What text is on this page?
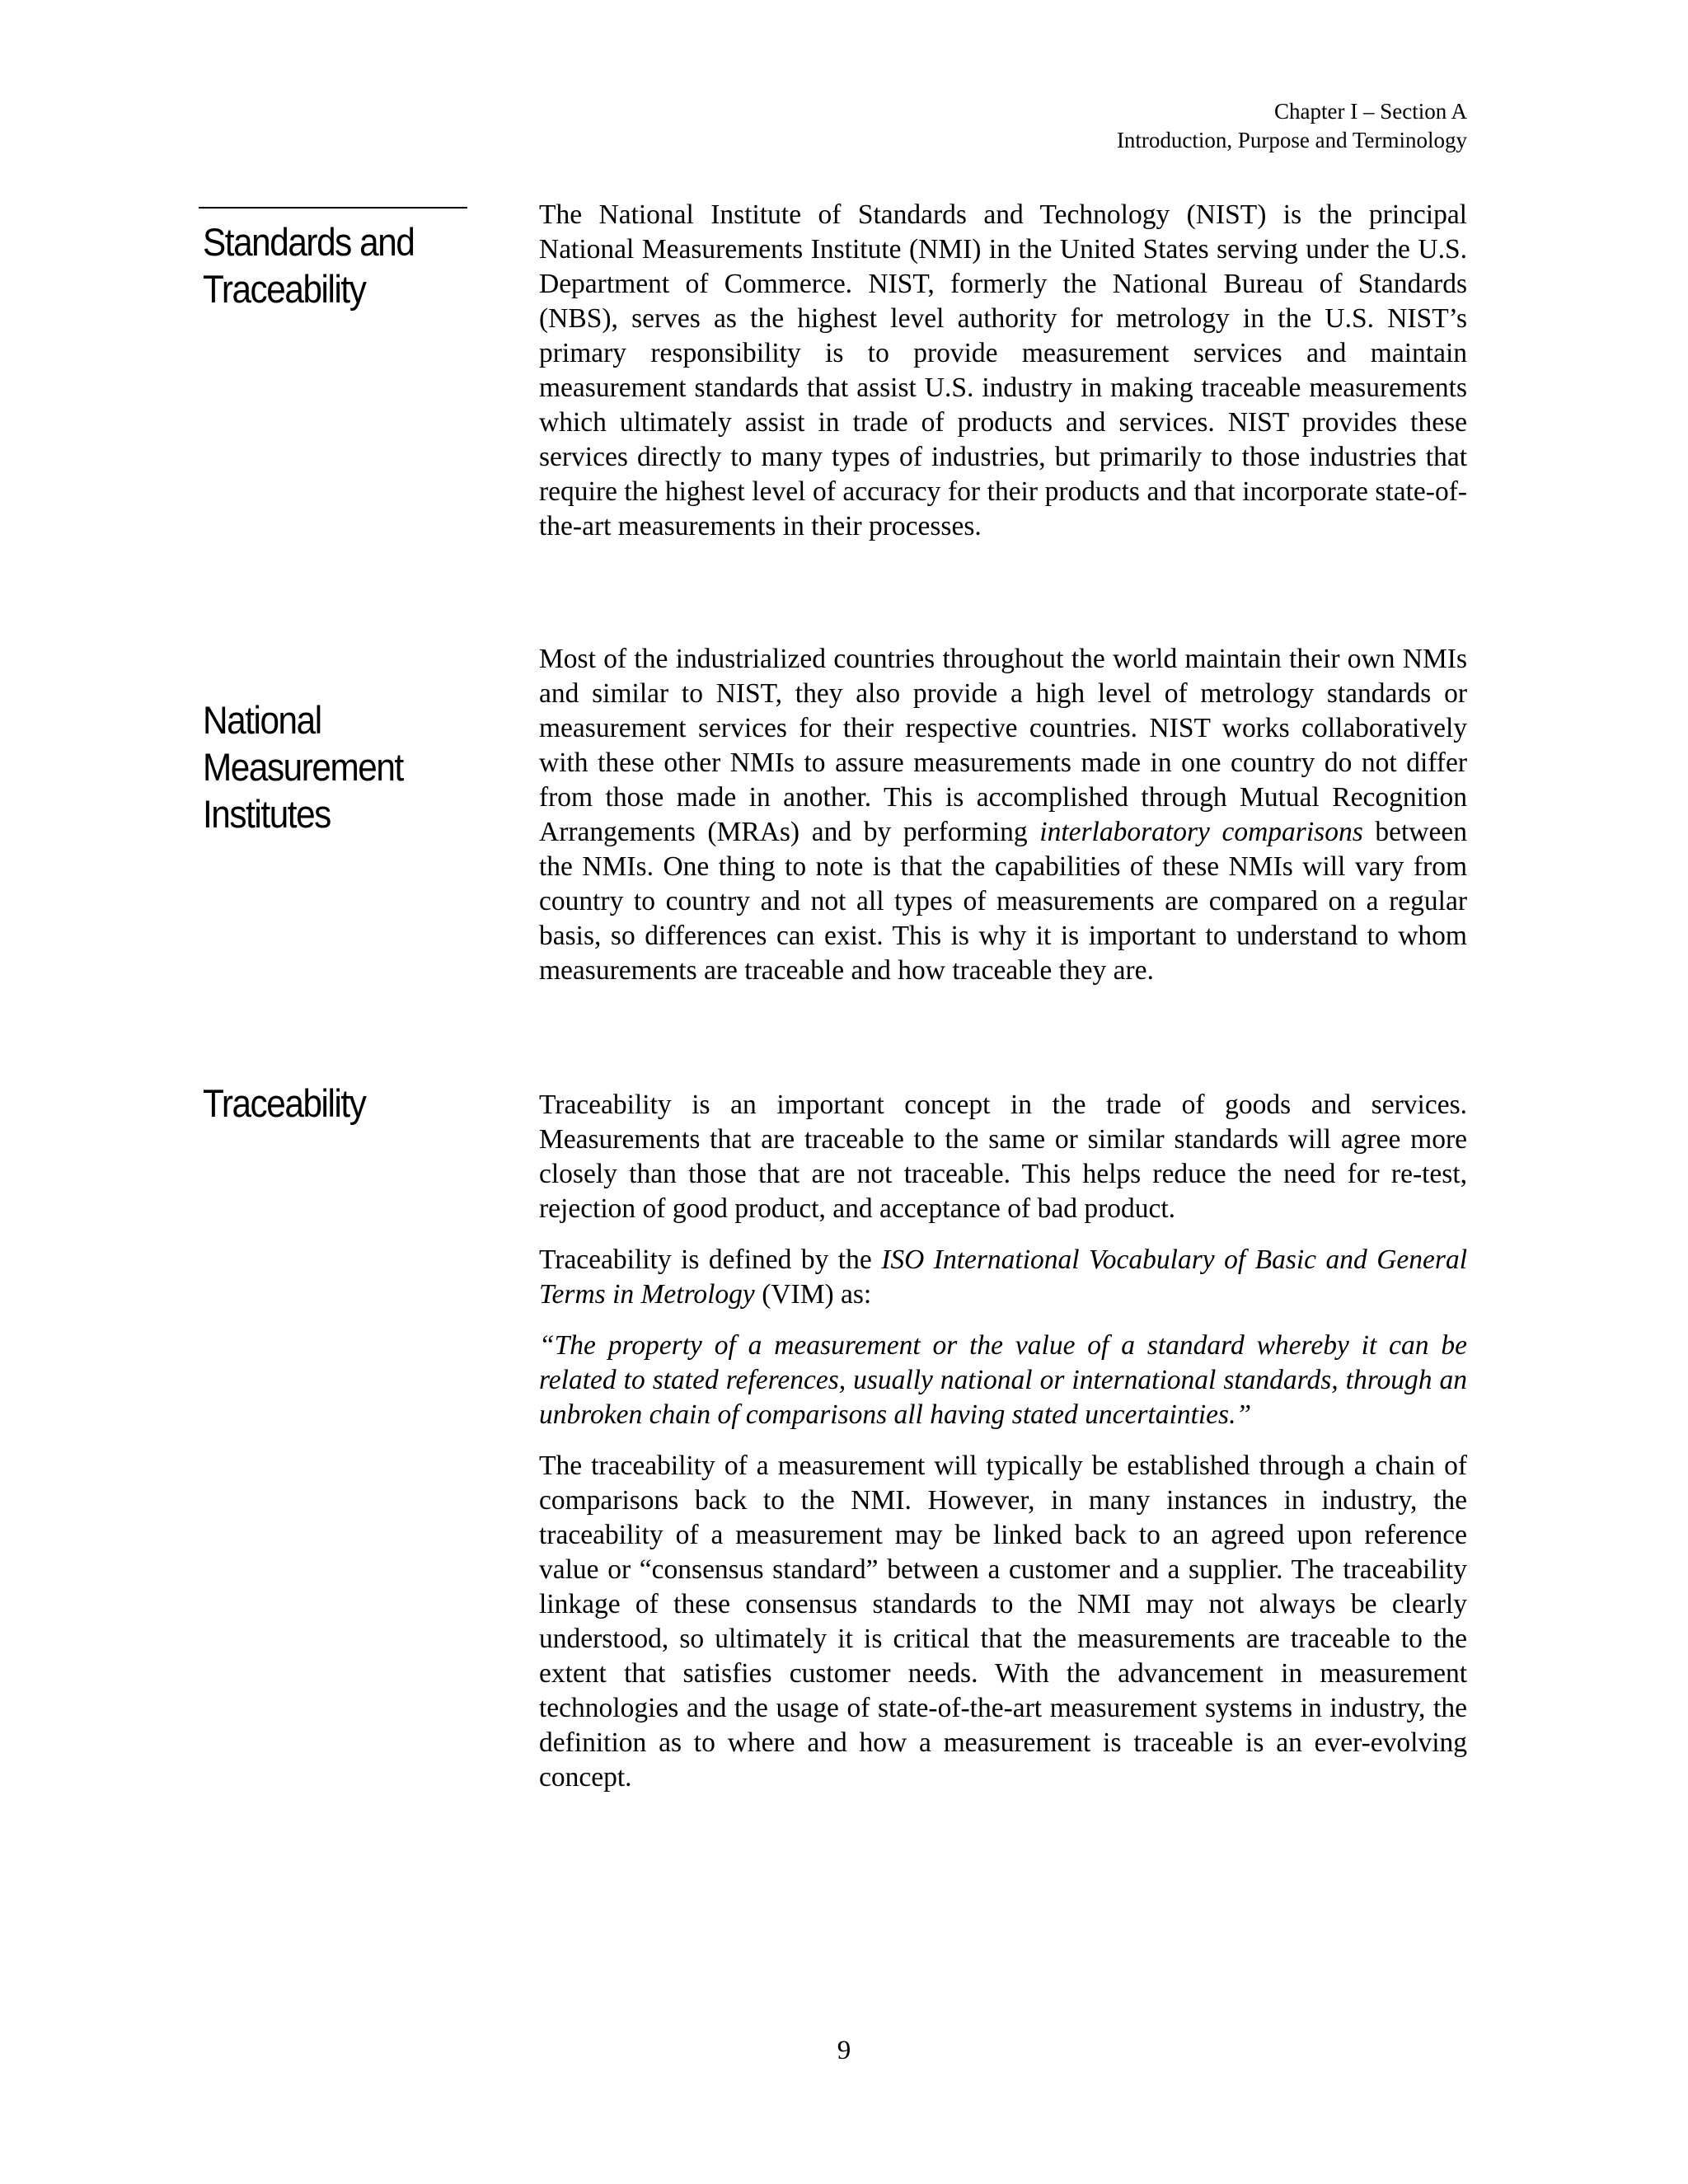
Chapter I – Section A
Introduction, Purpose and Terminology
Standards and
Traceability

The National Institute of Standards and Technology (NIST) is the principal National Measurements Institute (NMI) in the United States serving under the U.S. Department of Commerce. NIST, formerly the National Bureau of Standards (NBS), serves as the highest level authority for metrology in the U.S. NIST’s primary responsibility is to provide measurement services and maintain measurement standards that assist U.S. industry in making traceable measurements which ultimately assist in trade of products and services. NIST provides these services directly to many types of industries, but primarily to those industries that require the highest level of accuracy for their products and that incorporate state-of-the-art measurements in their processes.

National
Measurement
Institutes

Most of the industrialized countries throughout the world maintain their own NMIs and similar to NIST, they also provide a high level of metrology standards or measurement services for their respective countries. NIST works collaboratively with these other NMIs to assure measurements made in one country do not differ from those made in another. This is accomplished through Mutual Recognition Arrangements (MRAs) and by performing interlaboratory comparisons between the NMIs. One thing to note is that the capabilities of these NMIs will vary from country to country and not all types of measurements are compared on a regular basis, so differences can exist. This is why it is important to understand to whom measurements are traceable and how traceable they are.

Traceability	Traceability is an important concept in the trade of goods and services. Measurements that are traceable to the same or similar standards will agree more closely than those that are not traceable. This helps reduce the need for re-test, rejection of good product, and acceptance of bad product.

Traceability is defined by the ISO International Vocabulary of Basic and General Terms in Metrology (VIM) as:

“The property of a measurement or the value of a standard whereby it can be related to stated references, usually national or international standards, through an unbroken chain of comparisons all having stated uncertainties.”

The traceability of a measurement will typically be established through a chain of comparisons back to the NMI. However, in many instances in industry, the traceability of a measurement may be linked back to an agreed upon reference value or “consensus standard” between a customer and a supplier. The traceability linkage of these consensus standards to the NMI may not always be clearly understood, so ultimately it is critical that the measurements are traceable to the extent that satisfies customer needs. With the advancement in measurement technologies and the usage of state-of-the-art measurement systems in industry, the definition as to where and how a measurement is traceable is an ever-evolving concept.

9
